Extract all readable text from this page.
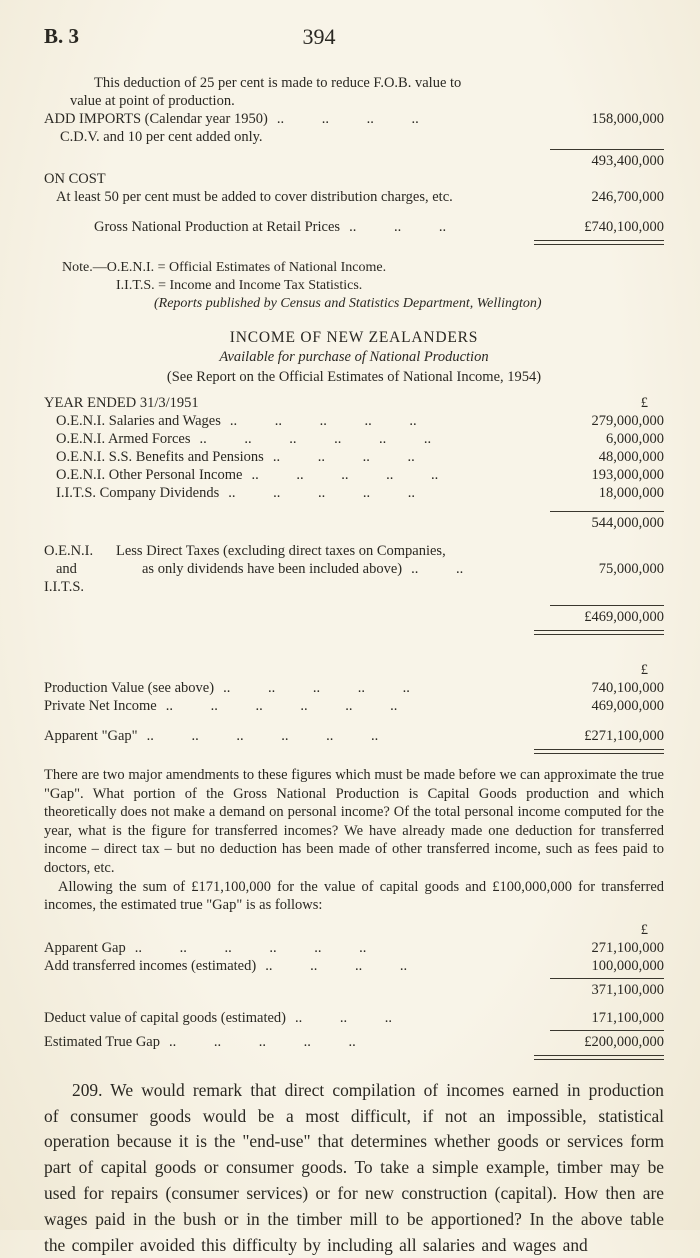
B. 3	394
This deduction of 25 per cent is made to reduce F.O.B. value to
value at point of production.
ADD IMPORTS (Calendar year 1950) .. .. .. ..	158,000,000
C.D.V. and 10 per cent added only.
493,400,000
ON COST
At least 50 per cent must be added to cover distribution charges, etc.	246,700,000
Gross National Production at Retail Prices .. .. ..	£740,100,000
Note.—O.E.N.I. = Official Estimates of National Income.
I.I.T.S. = Income and Income Tax Statistics.
(Reports published by Census and Statistics Department, Wellington)
INCOME OF NEW ZEALANDERS
Available for purchase of National Production
(See Report on the Official Estimates of National Income, 1954)
YEAR ENDED 31/3/1951	£
O.E.N.I. Salaries and Wages .. .. .. .. ..	279,000,000
O.E.N.I. Armed Forces .. .. .. .. .. ..	6,000,000
O.E.N.I. S.S. Benefits and Pensions .. .. .. ..	48,000,000
O.E.N.I. Other Personal Income .. .. .. .. ..	193,000,000
I.I.T.S. Company Dividends .. .. .. .. ..	18,000,000
544,000,000
O.E.N.I.
and
I.I.T.S.
Less Direct Taxes (excluding direct taxes on Companies,
as only dividends have been included above) .. ..	75,000,000
£469,000,000
£
Production Value (see above) .. .. .. .. ..	740,100,000
Private Net Income .. .. .. .. .. ..	469,000,000
Apparent "Gap" .. .. .. .. .. ..	£271,100,000
There are two major amendments to these figures which must be made before we can approximate the true "Gap". What portion of the Gross National Production is Capital Goods production and which theoretically does not make a demand on personal income? Of the total personal income computed for the year, what is the figure for transferred incomes? We have already made one deduction for transferred income – direct tax – but no deduction has been made of other transferred income, such as fees paid to doctors, etc.
Allowing the sum of £171,100,000 for the value of capital goods and £100,000,000 for transferred incomes, the estimated true "Gap" is as follows:
£
Apparent Gap .. .. .. .. .. ..	271,100,000
Add transferred incomes (estimated) .. .. .. ..	100,000,000
371,100,000
Deduct value of capital goods (estimated) .. .. ..	171,100,000
Estimated True Gap .. .. .. .. ..	£200,000,000
209. We would remark that direct compilation of incomes earned in production of consumer goods would be a most difficult, if not an impossible, statistical operation because it is the "end-use" that determines whether goods or services form part of capital goods or consumer goods. To take a simple example, timber may be used for repairs (consumer services) or for new construction (capital). How then are wages paid in the bush or in the timber mill to be apportioned? In the above table the compiler avoided this difficulty by including all salaries and wages and
